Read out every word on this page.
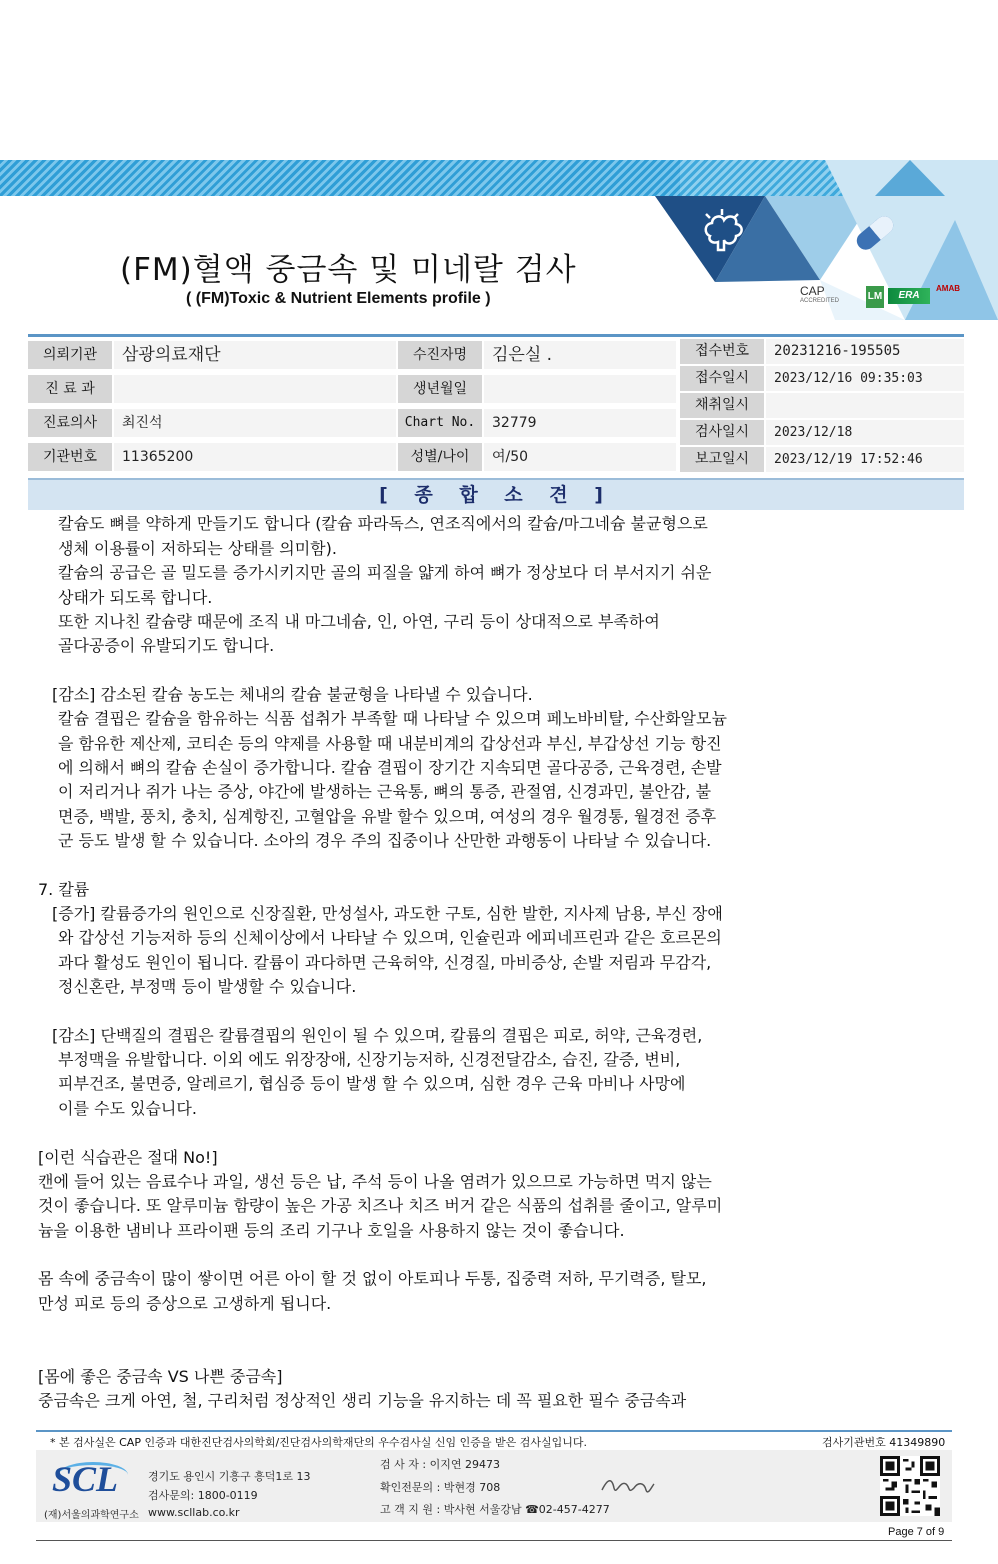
(FM)혈액 중금속 및 미네랄 검사
( (FM)Toxic & Nutrient Elements profile )	CAP
ACCREDITED	LM	ERA
AMAB
의뢰기관	삼광의료재단
진 료 과
진료의사	최진석
기관번호	11365200
수진자명	김은실 .
생년월일
Chart No.	32779
성별/나이	여/50
접수번호	20231216-195505
접수일시	2023/12/16 09:35:03
채취일시
검사일시	2023/12/18
보고일시	2023/12/19 17:52:46
[ 종 합 소 견 ]
칼슘도 뼈를 약하게 만들기도 합니다 (칼슘 파라독스, 연조직에서의 칼슘/마그네슘 불균형으로
생체 이용률이 저하되는 상태를 의미함).
칼슘의 공급은 골 밀도를 증가시키지만 골의 피질을 얇게 하여 뼈가 정상보다 더 부서지기 쉬운
상태가 되도록 합니다.
또한 지나친 칼슘량 때문에 조직 내 마그네슘, 인, 아연, 구리 등이 상대적으로 부족하여
골다공증이 유발되기도 합니다.
[감소] 감소된 칼슘 농도는 체내의 칼슘 불균형을 나타낼 수 있습니다.
칼슘 결핍은 칼슘을 함유하는 식품 섭취가 부족할 때 나타날 수 있으며 페노바비탈, 수산화알모늄
을 함유한 제산제, 코티손 등의 약제를 사용할 때 내분비계의 갑상선과 부신, 부갑상선 기능 항진
에 의해서 뼈의 칼슘 손실이 증가합니다. 칼슘 결핍이 장기간 지속되면 골다공증, 근육경련, 손발
이 저리거나 쥐가 나는 증상, 야간에 발생하는 근육통, 뼈의 통증, 관절염, 신경과민, 불안감, 불
면증, 백발, 풍치, 충치, 심계항진, 고혈압을 유발 할수 있으며, 여성의 경우 월경통, 월경전 증후
군 등도 발생 할 수 있습니다. 소아의 경우 주의 집중이나 산만한 과행동이 나타날 수 있습니다.
7. 칼륨
[증가] 칼륨증가의 원인으로 신장질환, 만성설사, 과도한 구토, 심한 발한, 지사제 남용, 부신 장애
와 갑상선 기능저하 등의 신체이상에서 나타날 수 있으며, 인슐린과 에피네프린과 같은 호르몬의
과다 활성도 원인이 됩니다. 칼륨이 과다하면 근육허약, 신경질, 마비증상, 손발 저림과 무감각,
정신혼란, 부정맥 등이 발생할 수 있습니다.
[감소] 단백질의 결핍은 칼륨결핍의 원인이 될 수 있으며, 칼륨의 결핍은 피로, 허약, 근육경련,
부정맥을 유발합니다. 이외 에도 위장장애, 신장기능저하, 신경전달감소, 습진, 갈증, 변비,
피부건조, 불면증, 알레르기, 협심증 등이 발생 할 수 있으며, 심한 경우 근육 마비나 사망에
이를 수도 있습니다.
[이런 식습관은 절대 No!]
캔에 들어 있는 음료수나 과일, 생선 등은 납, 주석 등이 나올 염려가 있으므로 가능하면 먹지 않는
것이 좋습니다. 또 알루미늄 함량이 높은 가공 치즈나 치즈 버거 같은 식품의 섭취를 줄이고, 알루미
늄을 이용한 냄비나 프라이팬 등의 조리 기구나 호일을 사용하지 않는 것이 좋습니다.
몸 속에 중금속이 많이 쌓이면 어른 아이 할 것 없이 아토피나 두통, 집중력 저하, 무기력증, 탈모,
만성 피로 등의 증상으로 고생하게 됩니다.
[몸에 좋은 중금속 VS 나쁜 중금속]
중금속은 크게 아연, 철, 구리처럼 정상적인 생리 기능을 유지하는 데 꼭 필요한 필수 중금속과
* 본 검사실은 CAP 인증과 대한진단검사의학회/진단검사의학재단의 우수검사실 신임 인증을 받은 검사실입니다.	검사기관번호 41349890
SCL
(재)서울의과학연구소
경기도 용인시 기흥구 흥덕1로 13
검사문의: 1800-0119
www.scllab.co.kr
검 사 자 : 이지연 29473
확인전문의 : 박현경 708
고 객 지 원 : 박사현 서울강남 ☎02-457-4277
Page 7 of 9
